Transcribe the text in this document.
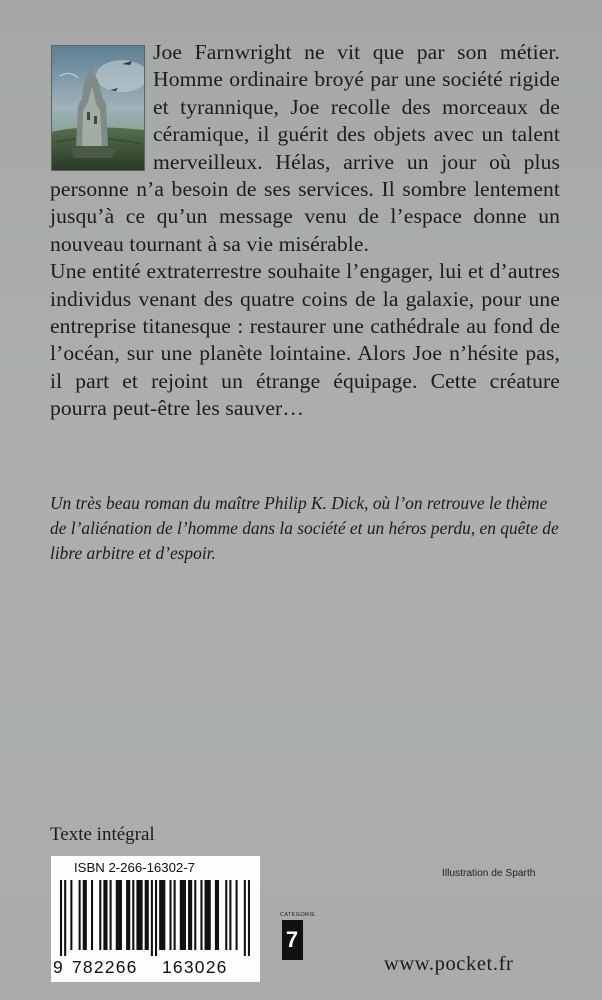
Joe Farnwright ne vit que par son métier. Homme ordinaire broyé par une société rigide et tyrannique, Joe recolle des morceaux de céramique, il guérit des objets avec un talent merveilleux. Hélas, arrive un jour où plus personne n’a besoin de ses services. Il sombre lentement jusqu’à ce qu’un message venu de l’espace donne un nouveau tournant à sa vie misérable.

Une entité extraterrestre souhaite l’engager, lui et d’autres individus venant des quatre coins de la galaxie, pour une entreprise titanesque : restaurer une cathédrale au fond de l’océan, sur une planète lointaine. Alors Joe n’hésite pas, il part et rejoint un étrange équipage. Cette créature pourra peut-être les sauver…

Un très beau roman du maître Philip K. Dick, où l’on retrouve le thème de l’aliénation de l’homme dans la société et un héros perdu, en quête de libre arbitre et d’espoir.

Texte intégral
ISBN 2-266-16302-7
9 782266 163026
Illustration de Sparth
CATÉGORIE
7
www.pocket.fr
